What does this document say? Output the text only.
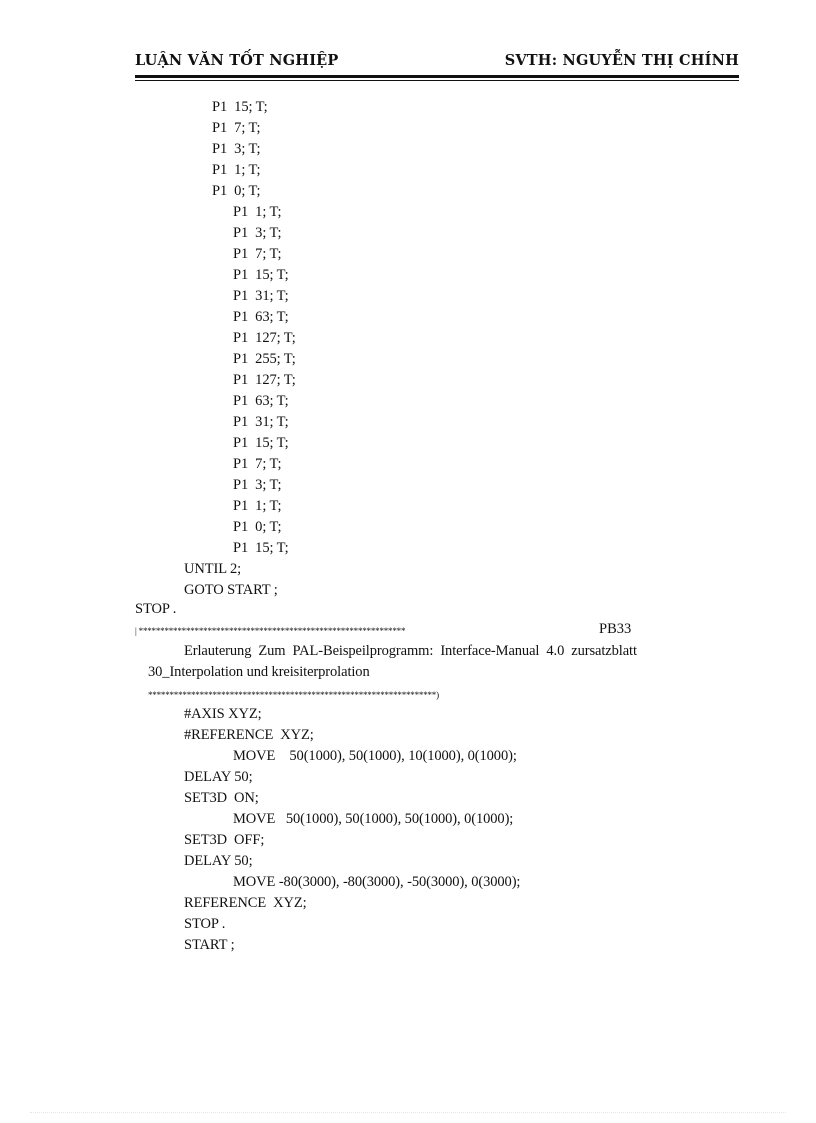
LUẬN VĂN TỐT NGHIỆP	SVTH: NGUYỄN THỊ CHÍNH
P1  15; T;
P1  7; T;
P1  3; T;
P1  1; T;
P1  0; T;
P1  1; T;
P1  3; T;
P1  7; T;
P1  15; T;
P1  31; T;
P1  63; T;
P1  127; T;
P1  255; T;
P1  127; T;
P1  63; T;
P1  31; T;
P1  15; T;
P1  7; T;
P1  3; T;
P1  1; T;
P1  0; T;
P1  15; T;
UNTIL 2;
GOTO START ;
STOP .
| **************************************************************	PB33
Erlauterung  Zum  PAL-Beispeilprogramm:  Interface-Manual  4.0  zursatzblatt
30_Interpolation und kreisiterprolation
*******************************************************************)
#AXIS XYZ;
#REFERENCE  XYZ;
MOVE    50(1000), 50(1000), 10(1000), 0(1000);
DELAY 50;
SET3D  ON;
MOVE   50(1000), 50(1000), 50(1000), 0(1000);
SET3D  OFF;
DELAY 50;
MOVE -80(3000), -80(3000), -50(3000), 0(3000);
REFERENCE  XYZ;
STOP .
START ;
